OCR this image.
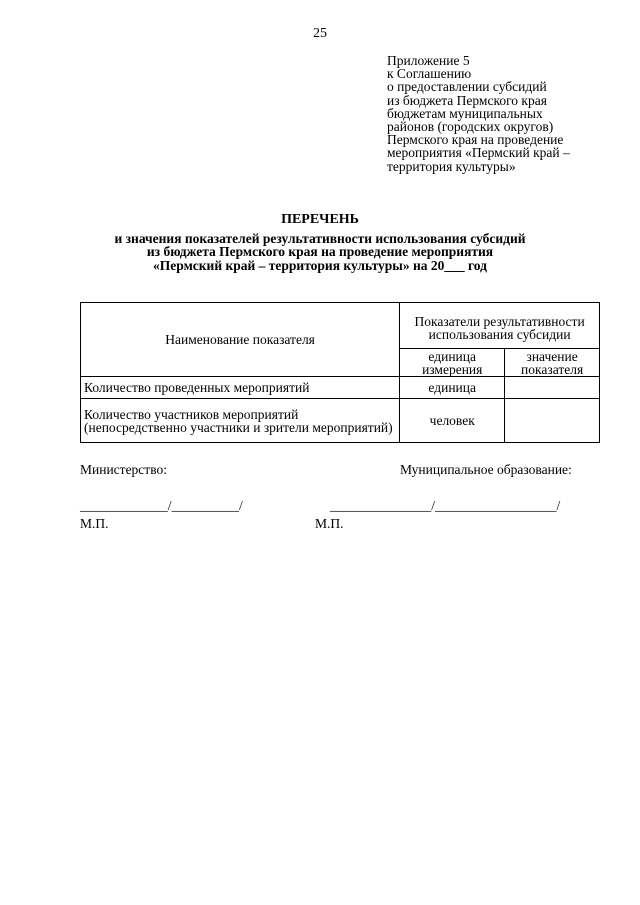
25
Приложение 5
к Соглашению
о предоставлении субсидий
из бюджета Пермского края
бюджетам муниципальных
районов (городских округов)
Пермского края на проведение
мероприятия «Пермский край –
территория культуры»
ПЕРЕЧЕНЬ
и значения показателей результативности использования субсидий
из бюджета Пермского края на проведение мероприятия
«Пермский край – территория культуры» на 20___ год
Наименование показателя	Показатели результативности использования субсидии	
	единица измерения	значение показателя
Количество проведенных мероприятий	единица	
Количество участников мероприятий (непосредственно участники и зрители мероприятий)	человек	
Министерство:	Муниципальное образование:
_____________/__________/	_______________/__________________/
М.П.	М.П.
